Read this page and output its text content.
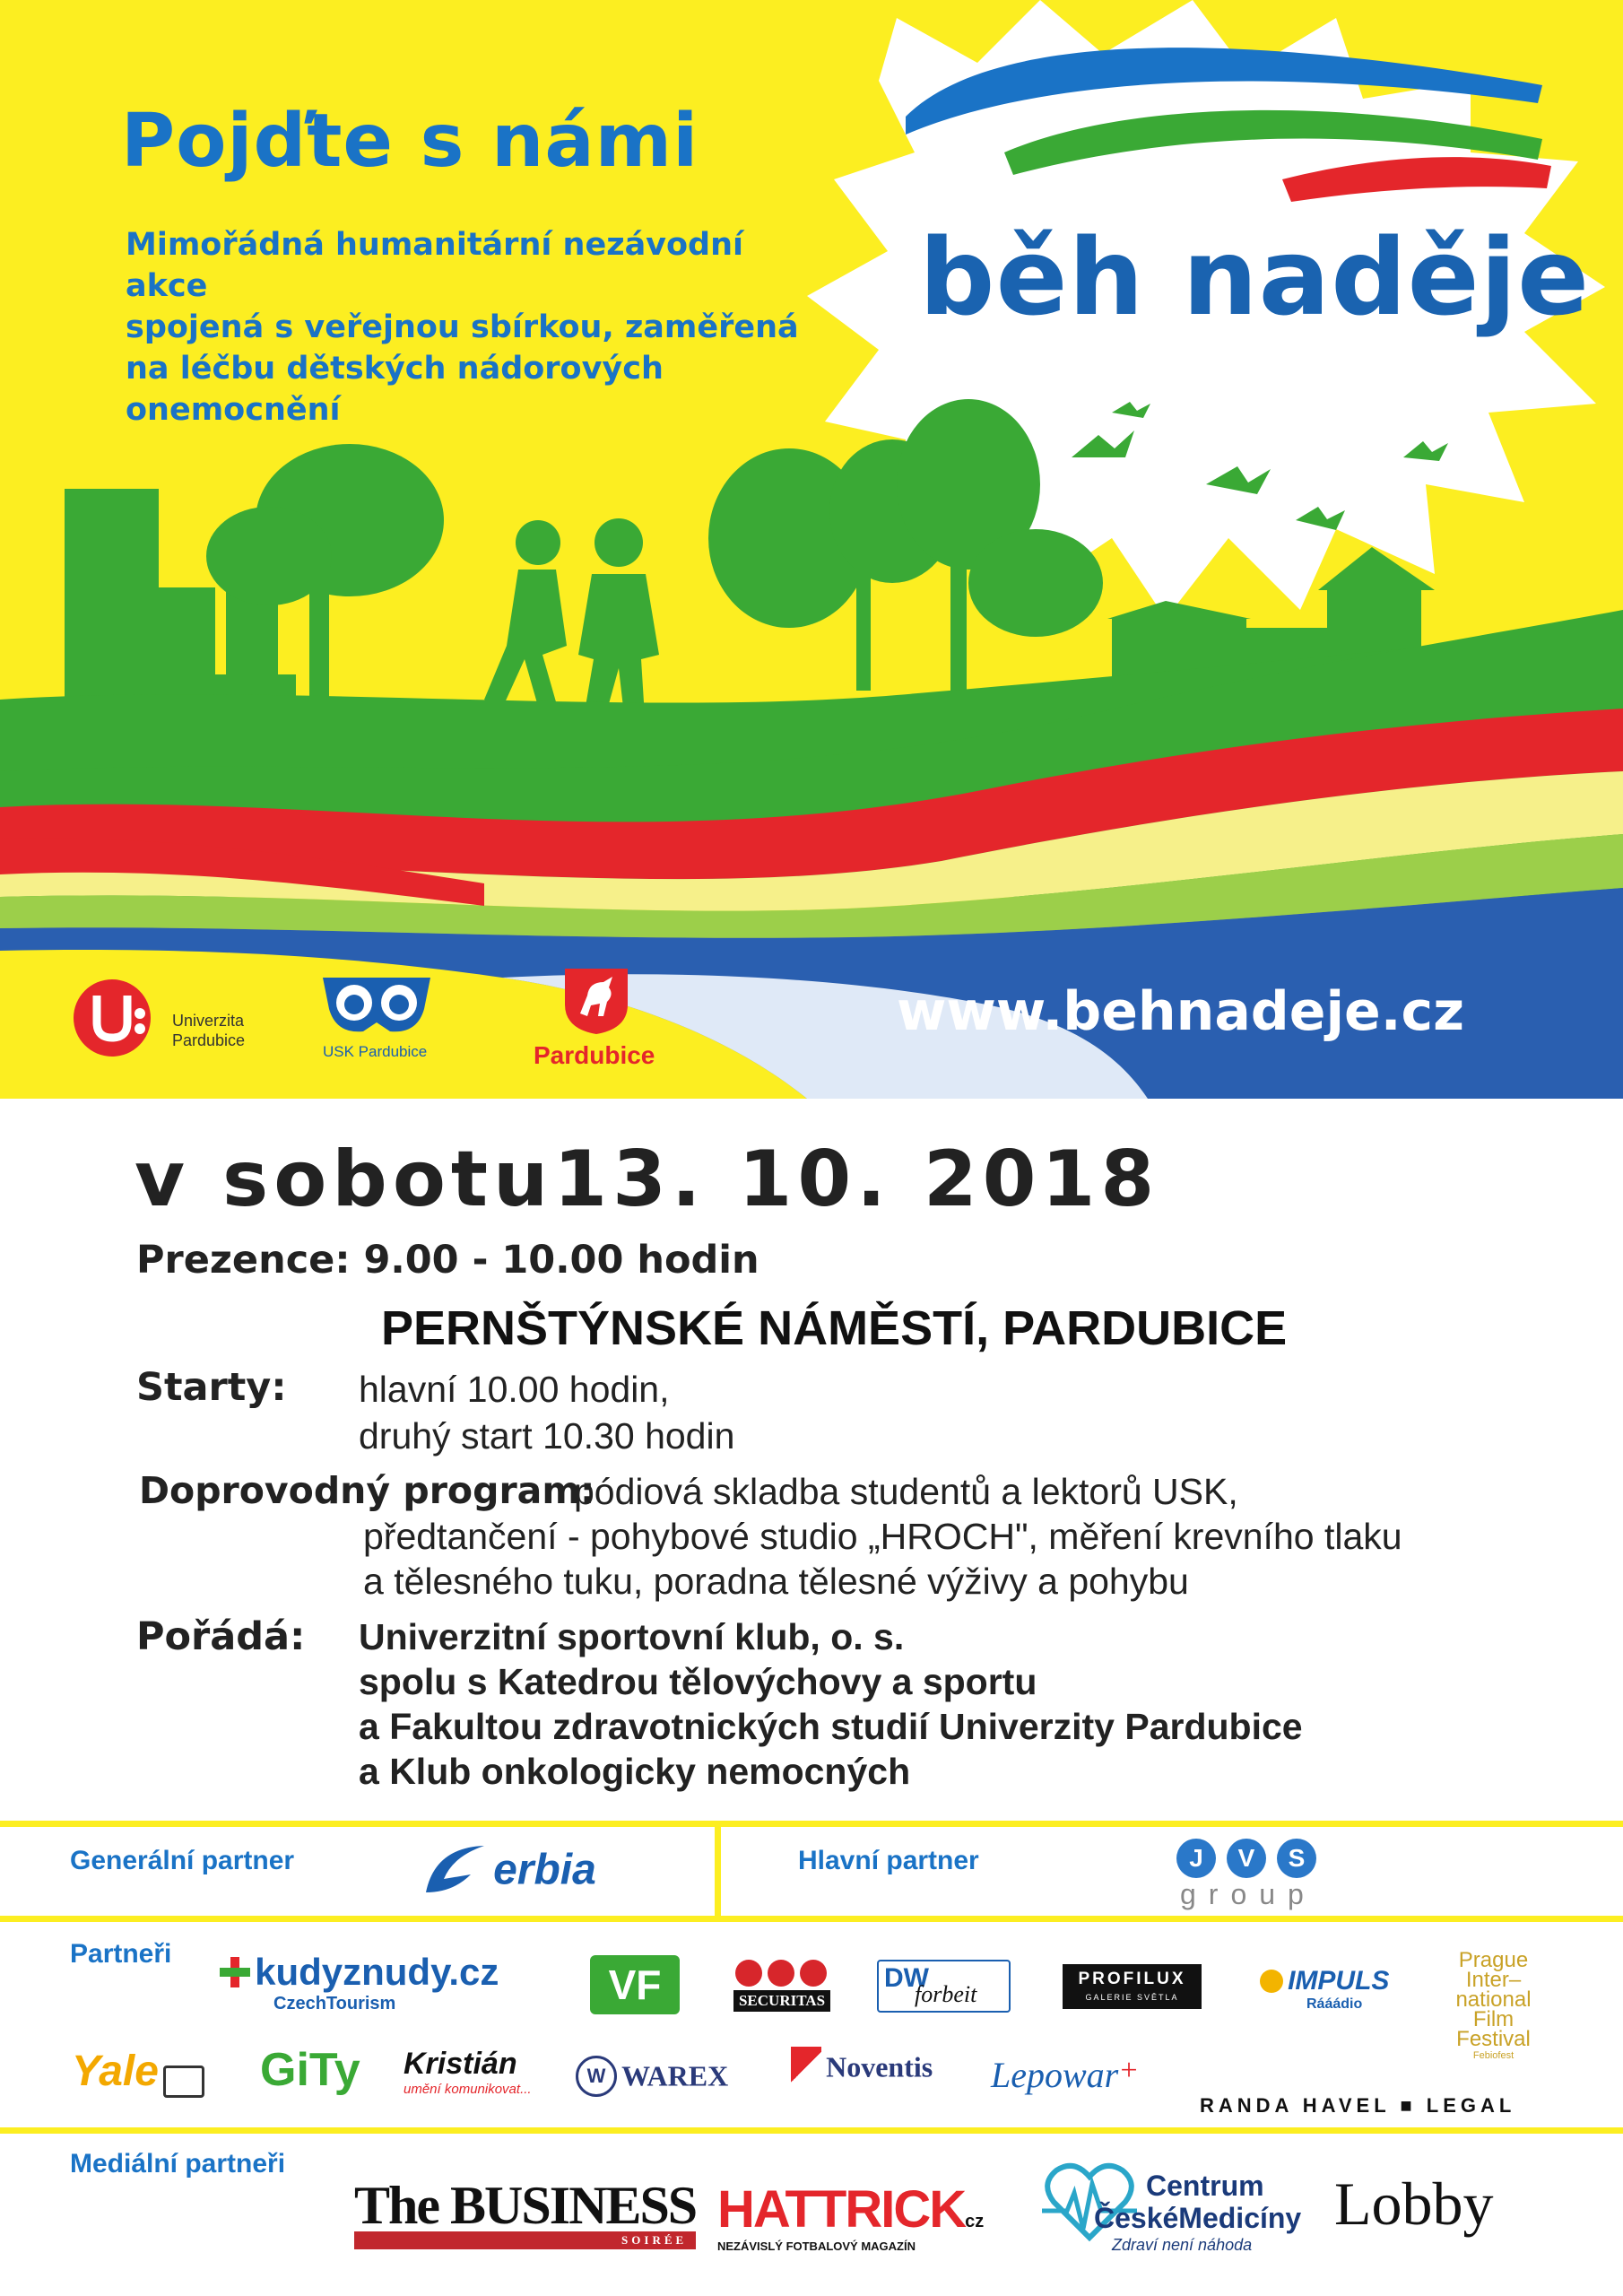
Pojďte s námi
Mimořádná humanitární nezávodní akce
spojená s veřejnou sbírkou, zaměřená
na léčbu dětských nádorových
onemocnění
běh naděje
Univerzita
Pardubice
USK Pardubice	Pardubice
www.behnadeje.cz
v sobotu13. 10. 2018
Prezence: 9.00 - 10.00 hodin
PERNŠTÝNSKÉ NÁMĚSTÍ, PARDUBICE
Starty: hlavní 10.00 hodin,
druhý start 10.30 hodin
Doprovodný program:
pódiová skladba studentů a lektorů USK,
předtančení - pohybové studio „HROCH", měření krevního tlaku
a tělesného tuku, poradna tělesné výživy a pohybu
Pořádá: Univerzitní sportovní klub, o. s.
spolu s Katedrou tělovýchovy a sportu
a Fakultou zdravotnických studií Univerzity Pardubice
a Klub onkologicky nemocných
Generální partner	erbia	Hlavní partner	J	V	S
group
Partneři	kudyznudy.cz
CzechTourism	VF	SECURITAS
DW
forbeit
PROFILUX
GALERIE SVĚTLA
IMPULS
Rááádio
Prague
Inter–
national
Film
Festival
Febiofest
Yale	GiTy Kristián
umění komunikovat...
W WAREX	Noventis Lepowar+
RANDA HAVEL ■ LEGAL
Mediální partneři
The BUSINESS
SOIRÉE
HATTRICKcz
NEZÁVISLÝ FOTBALOVÝ MAGAZÍN
Centrum
ČeskéMedicíny
Zdraví není náhoda
Lobby
